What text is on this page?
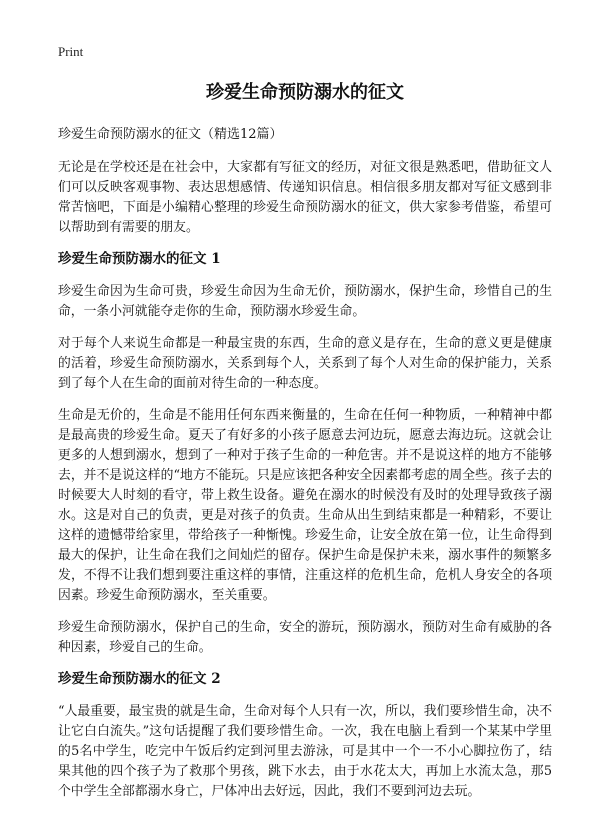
Print
珍爱生命预防溺水的征文
珍爱生命预防溺水的征文（精选12篇）

无论是在学校还是在社会中，大家都有写征文的经历，对征文很是熟悉吧，借助征文人们可以反映客观事物、表达思想感情、传递知识信息。相信很多朋友都对写征文感到非常苦恼吧，下面是小编精心整理的珍爱生命预防溺水的征文，供大家参考借鉴，希望可以帮助到有需要的朋友。

珍爱生命预防溺水的征文 1

珍爱生命因为生命可贵，珍爱生命因为生命无价，预防溺水，保护生命，珍惜自己的生命，一条小河就能夺走你的生命，预防溺水珍爱生命。

对于每个人来说生命都是一种最宝贵的东西，生命的意义是存在，生命的意义更是健康的活着，珍爱生命预防溺水，关系到每个人，关系到了每个人对生命的保护能力，关系到了每个人在生命的面前对待生命的一种态度。

生命是无价的，生命是不能用任何东西来衡量的，生命在任何一种物质，一种精神中都是最高贵的珍爱生命。夏天了有好多的小孩子愿意去河边玩，愿意去海边玩。这就会让更多的人想到溺水，想到了一种对于孩子生命的一种危害。并不是说这样的地方不能够去，并不是说这样的“地方不能玩。只是应该把各种安全因素都考虑的周全些。孩子去的时候要大人时刻的看守，带上救生设备。避免在溺水的时候没有及时的处理导致孩子溺水。这是对自己的负责，更是对孩子的负责。生命从出生到结束都是一种精彩，不要让这样的遗憾带给家里，带给孩子一种惭愧。珍爱生命，让安全放在第一位，让生命得到最大的保护，让生命在我们之间灿烂的留存。保护生命是保护未来，溺水事件的频繁多发，不得不让我们想到要注重这样的事情，注重这样的危机生命，危机人身安全的各项因素。珍爱生命预防溺水，至关重要。

珍爱生命预防溺水，保护自己的生命，安全的游玩，预防溺水，预防对生命有威胁的各种因素，珍爱自己的生命。

珍爱生命预防溺水的征文 2

“人最重要，最宝贵的就是生命，生命对每个人只有一次，所以，我们要珍惜生命，决不让它白白流失。”这句话提醒了我们要珍惜生命。一次，我在电脑上看到一个某某中学里的5名中学生，吃完中午饭后约定到河里去游泳，可是其中一个一不小心脚拉伤了，结果其他的四个孩子为了救那个男孩，跳下水去，由于水花太大，再加上水流太急，那5个中学生全部都溺水身亡，尸体冲出去好远，因此，我们不要到河边去玩。
